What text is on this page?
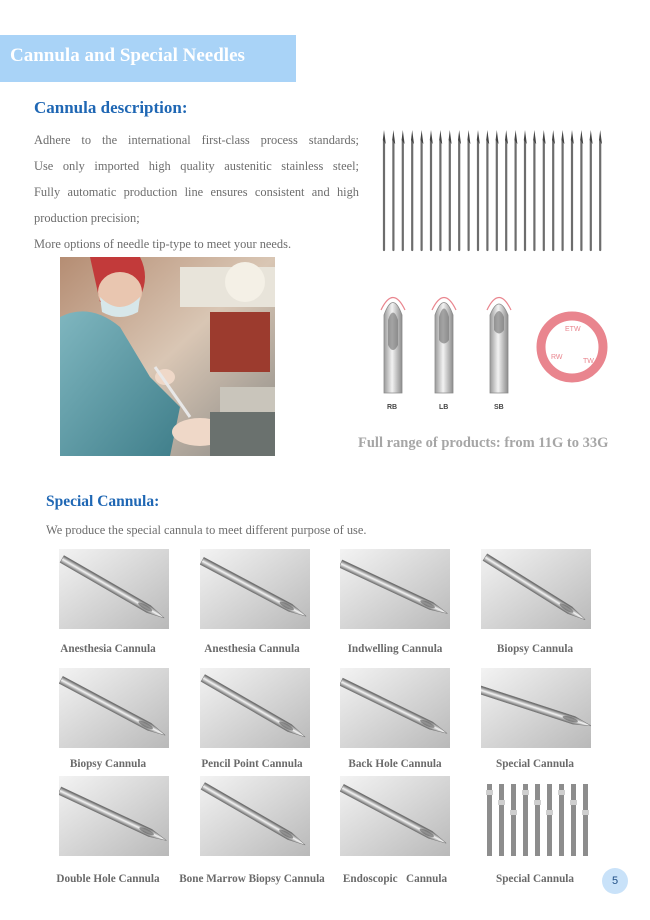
Cannula and Special Needles
Cannula description:
Adhere to the international first-class process standards;
Use only imported high quality austenitic stainless steel;
Fully automatic production line ensures consistent and high
production precision;
More options of needle tip-type to meet your needs.
RB	LB	SB
ETW
RW
TW
Full range of products: from 11G to 33G
Special Cannula:
We produce the special cannula to meet different purpose of use.
Anesthesia Cannula	Anesthesia Cannula	Indwelling Cannula	Biopsy Cannula
Biopsy Cannula	Pencil Point Cannula	Back Hole Cannula	Special Cannula
Double Hole Cannula	Bone Marrow Biopsy Cannula	Endoscopic   Cannula	Special Cannula	5
